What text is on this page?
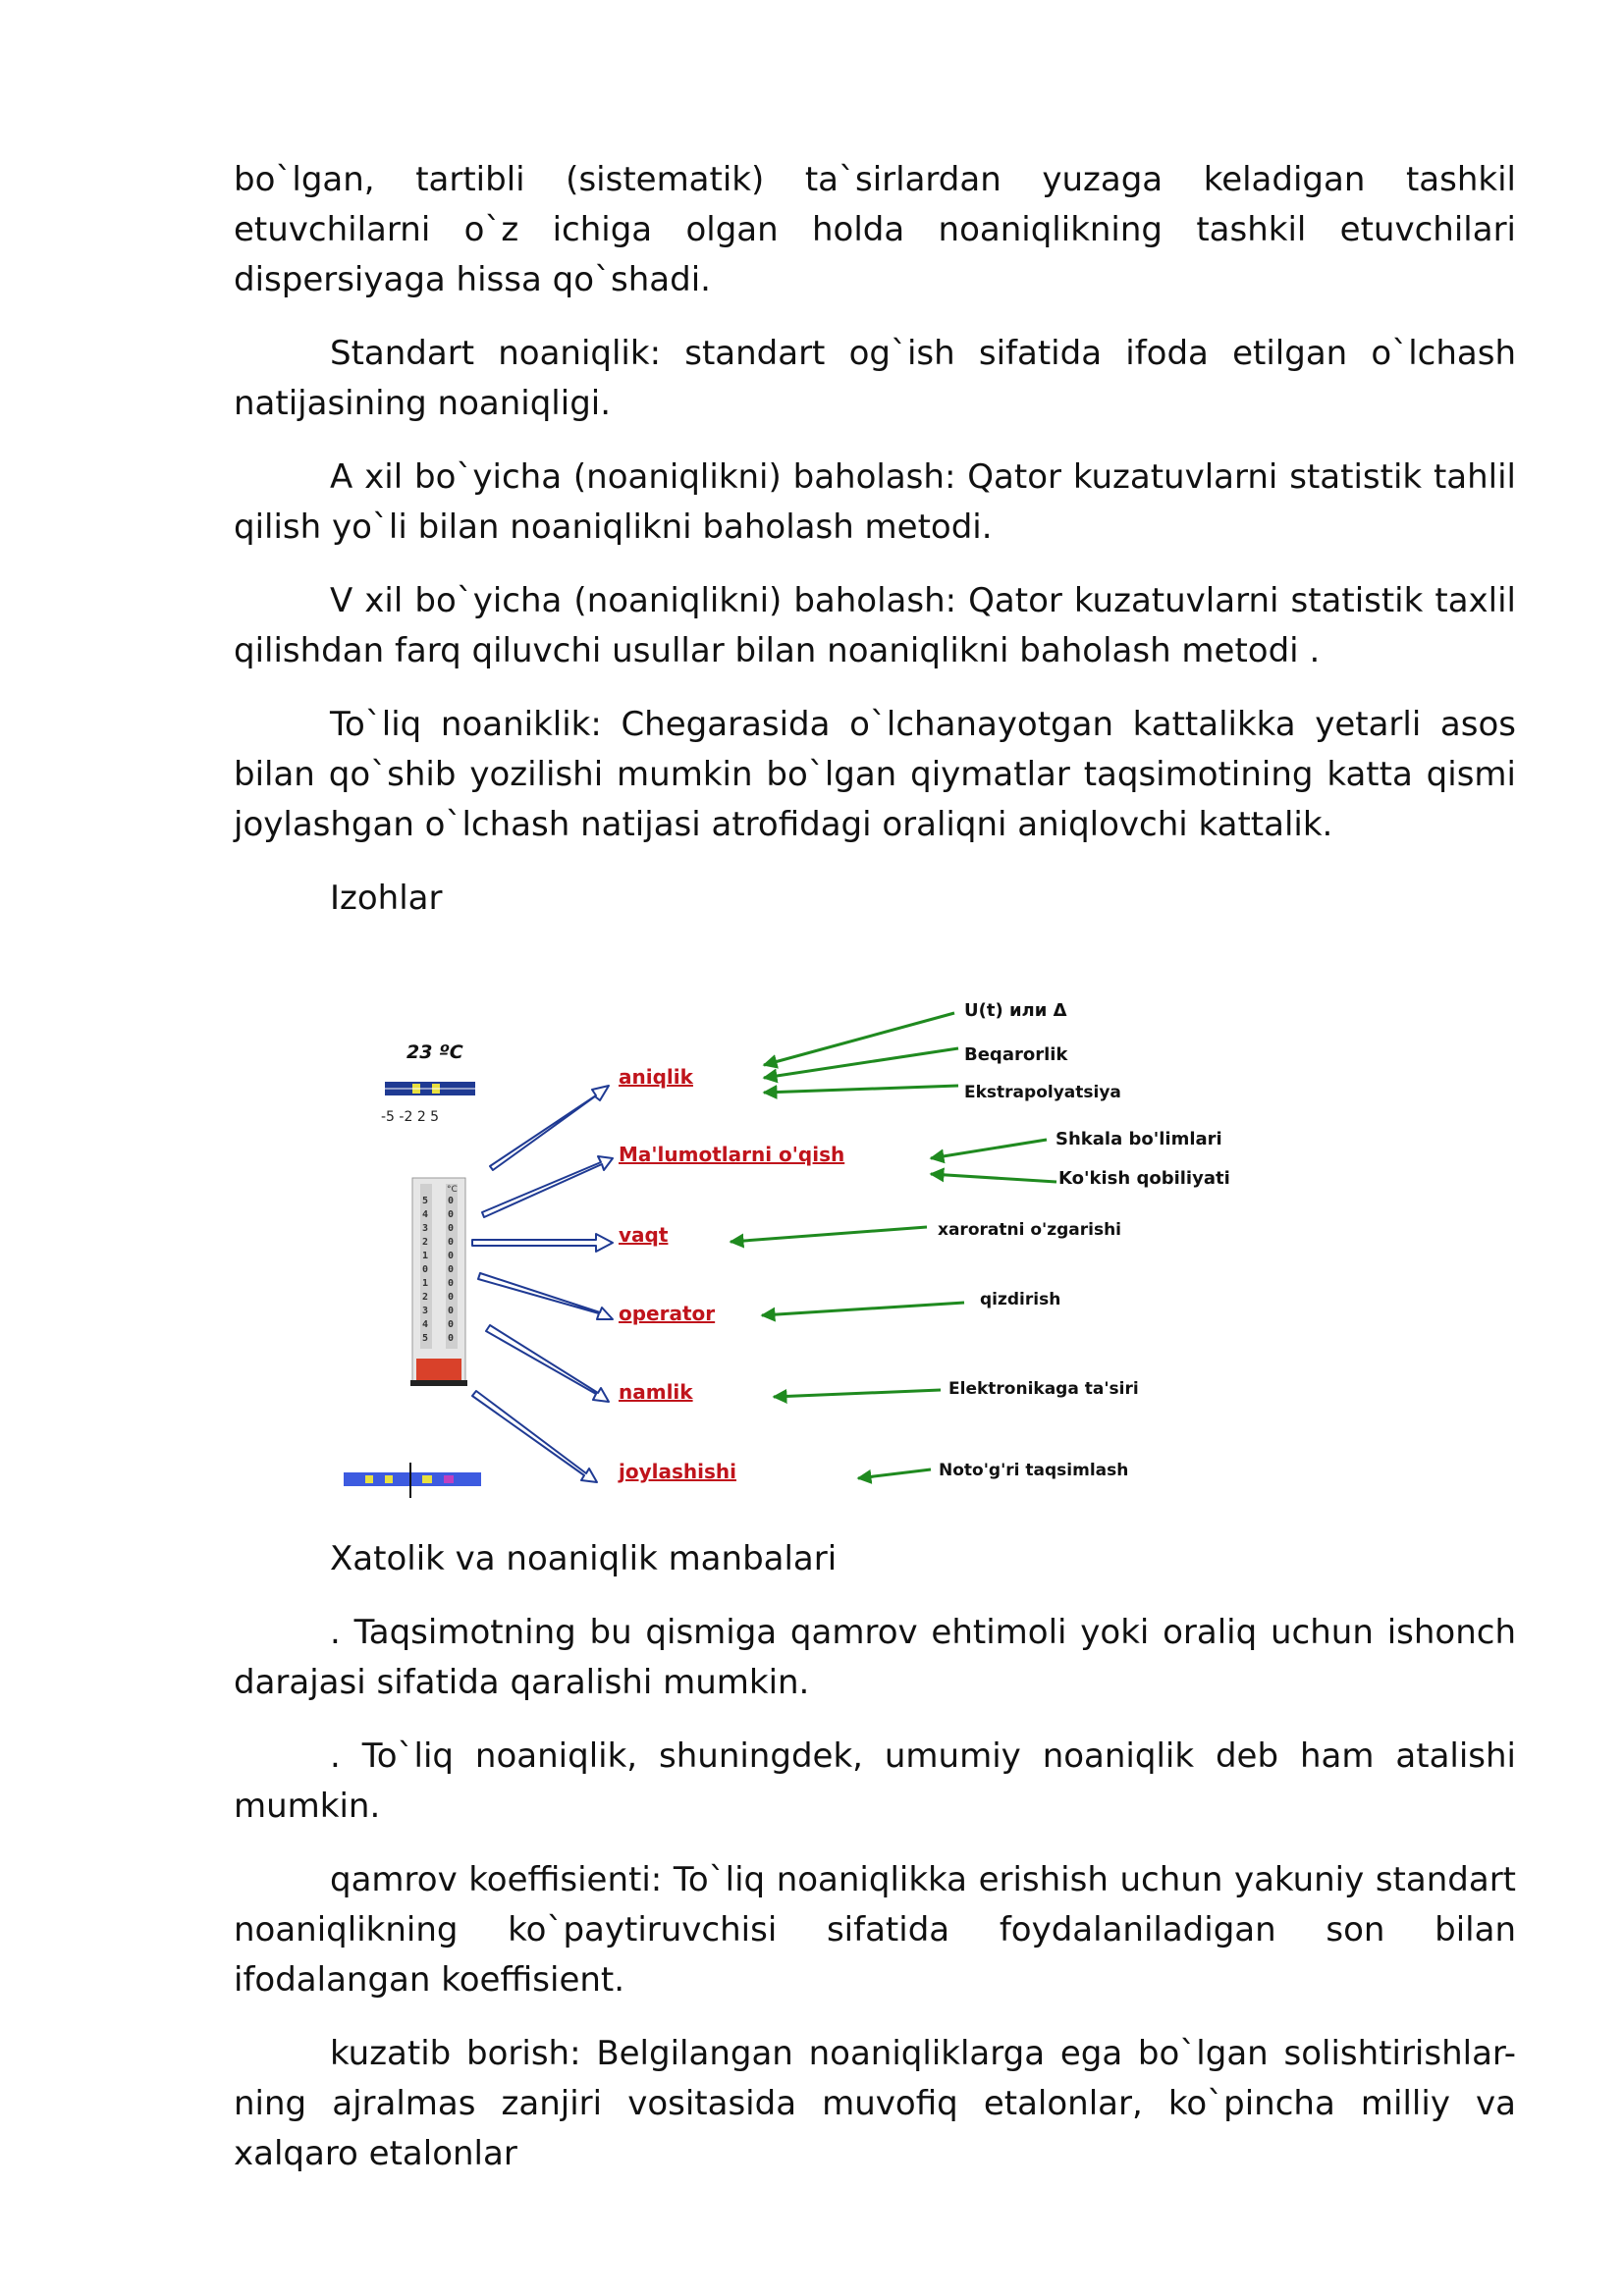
bo`lgan, tartibli (sistematik) ta`sirlardan yuzaga keladigan tashkil etuvchilarni o`z ichiga olgan holda noaniqlikning tashkil etuvchilari dispersiyaga hissa qo`shadi.

Standart noaniqlik: standart og`ish sifatida ifoda etilgan o`lchash natijasining noaniqligi.

A xil bo`yicha (noaniqlikni) baholash: Qator kuzatuvlarni statistik tahlil qilish yo`li bilan noaniqlikni baholash metodi.

V xil bo`yicha (noaniqlikni) baholash: Qator kuzatuvlarni statistik taxlil qilishdan farq qiluvchi usullar bilan noaniqlikni baholash metodi .

To`liq noaniklik: Chegarasida o`lchanayotgan kattalikka yetarli asos bilan qo`shib yozilishi mumkin bo`lgan qiymatlar taqsimotining katta qismi joylashgan o`lchash natijasi atrofidagi oraliqni aniqlovchi kattalik.

Izohlar

23 ºC
-5 -2 2 5
5
4
3
2
1
0
1
2
3
4
5
0
0
0
0
0
0
0
0
0
0
0
°C
aniqlik
Ma'lumotlarni o'qish
vaqt
operator
namlik
joylashishi
U(t) или Δ
Beqarorlik
Ekstrapolyatsiya
Shkala bo'limlari
Ko'kish qobiliyati
xaroratni o'zgarishi
qizdirish
Elektronikaga ta'siri
Noto'g'ri taqsimlash

Xatolik va noaniqlik manbalari

. Taqsimotning bu qismiga qamrov ehtimoli yoki oraliq uchun ishonch darajasi sifatida qaralishi mumkin.

. To`liq noaniqlik, shuningdek, umumiy noaniqlik deb ham atalishi mumkin.

qamrov koeffisienti: To`liq noaniqlikka erishish uchun yakuniy standart noaniqlikning ko`paytiruvchisi sifatida foydalaniladigan son bilan ifodalangan koeffisient.

kuzatib borish: Belgilangan noaniqliklarga ega bo`lgan solishtirishlar-ning ajralmas zanjiri vositasida muvofiq etalonlar, ko`pincha milliy va xalqaro etalonlar
